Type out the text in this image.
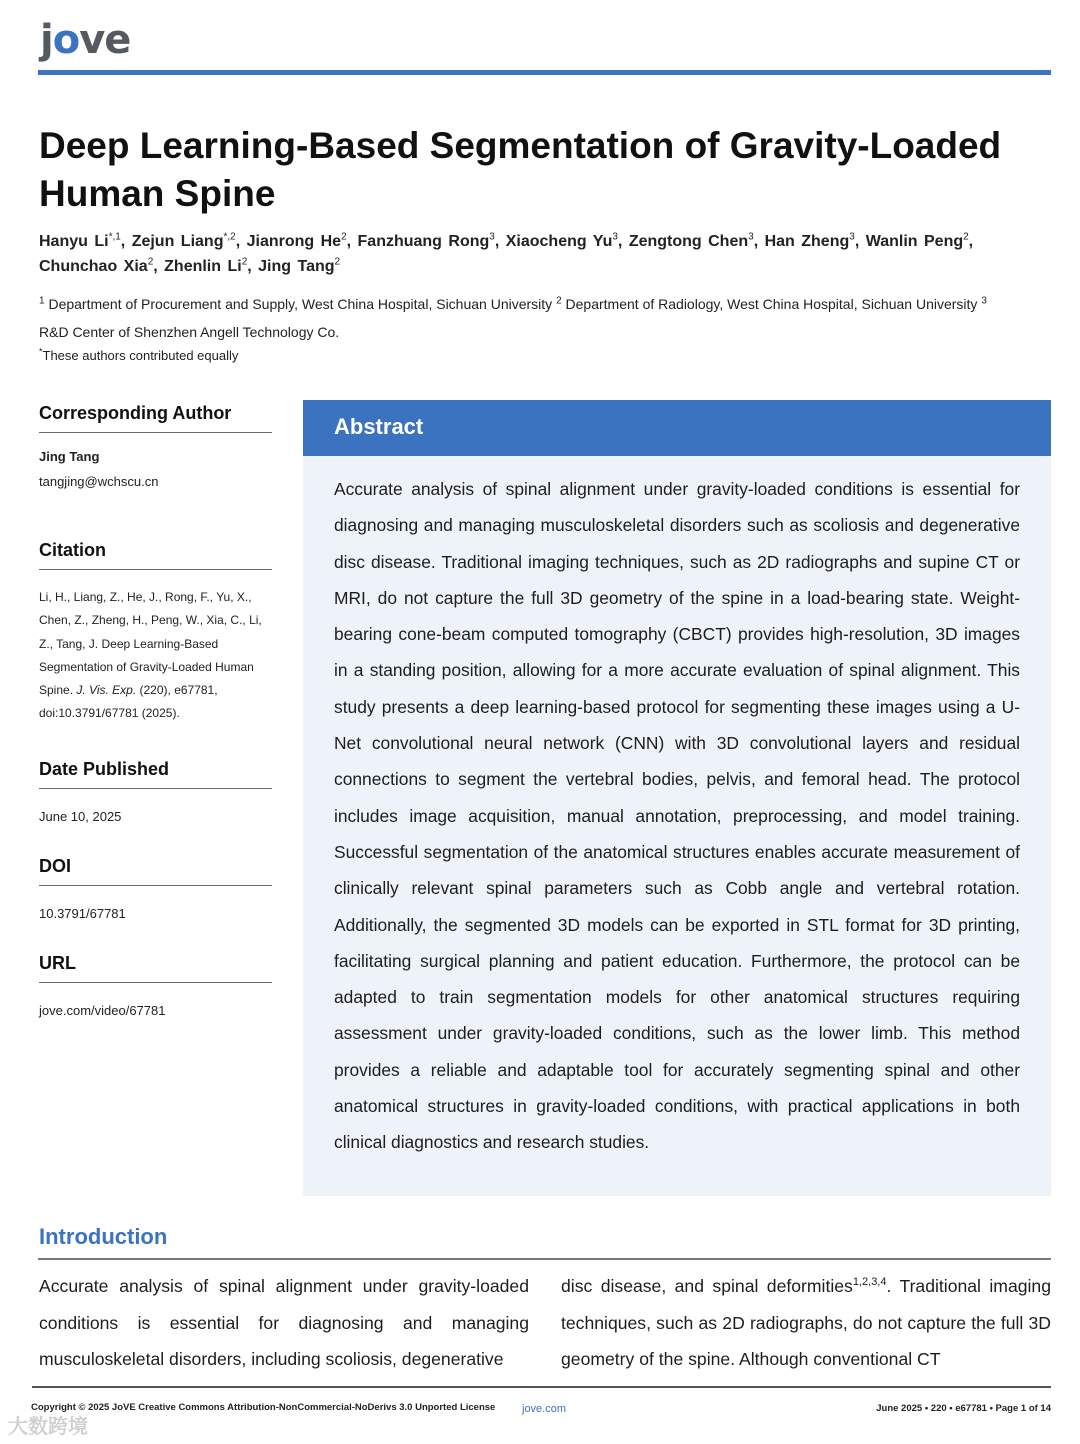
jove
Deep Learning-Based Segmentation of Gravity-Loaded Human Spine
Hanyu $Li^{*,1}$, Zejun Liang$^{*,2}$, Jianrong He$^2$, Fanzhuang Rong$^3$, Xiaocheng Yu$^3$, Zengtong Chen$^3$, Han Zheng$^3$, Wanlin Peng$^2$, Chunchao Xia$^2$, Zhenlin Li$^2$, Jing Tang$^2$
$^1$ Department of Procurement and Supply, West China Hospital, Sichuan University $^2$ Department of Radiology, West China Hospital, Sichuan University $^3$ R&D Center of Shenzhen Angell Technology Co.
*These authors contributed equally
Corresponding Author
Jing Tang
tangjing@wchscu.cn
Citation
Li, H., Liang, Z., He, J., Rong, F., Yu, X., Chen, Z., Zheng, H., Peng, W., Xia, C., Li, Z., Tang, J. Deep Learning-Based Segmentation of Gravity-Loaded Human Spine. J. Vis. Exp. (220), e67781, doi:10.3791/67781 (2025).
Date Published
June 10, 2025
DOI
10.3791/67781
URL
jove.com/video/67781
Abstract

Accurate analysis of spinal alignment under gravity-loaded conditions is essential for diagnosing and managing musculoskeletal disorders such as scoliosis and degenerative disc disease. Traditional imaging techniques, such as 2D radiographs and supine CT or MRI, do not capture the full 3D geometry of the spine in a load-bearing state. Weight-bearing cone-beam computed tomography (CBCT) provides high-resolution, 3D images in a standing position, allowing for a more accurate evaluation of spinal alignment. This study presents a deep learning-based protocol for segmenting these images using a U-Net convolutional neural network (CNN) with 3D convolutional layers and residual connections to segment the vertebral bodies, pelvis, and femoral head. The protocol includes image acquisition, manual annotation, preprocessing, and model training. Successful segmentation of the anatomical structures enables accurate measurement of clinically relevant spinal parameters such as Cobb angle and vertebral rotation. Additionally, the segmented 3D models can be exported in STL format for 3D printing, facilitating surgical planning and patient education. Furthermore, the protocol can be adapted to train segmentation models for other anatomical structures requiring assessment under gravity-loaded conditions, such as the lower limb. This method provides a reliable and adaptable tool for accurately segmenting spinal and other anatomical structures in gravity-loaded conditions, with practical applications in both clinical diagnostics and research studies.

Introduction

Accurate analysis of spinal alignment under gravity-loaded conditions is essential for diagnosing and managing musculoskeletal disorders, including scoliosis, degenerative

disc disease, and spinal deformities$^{1,2,3,4}$. Traditional imaging techniques, such as 2D radiographs, do not capture the full 3D geometry of the spine. Although conventional CT

Copyright © 2025 JoVE Creative Commons Attribution-NonCommercial-NoDerivs 3.0 Unported License	jove.com	June 2025 • 220 • e67781 • Page 1 of 14
大数跨境
